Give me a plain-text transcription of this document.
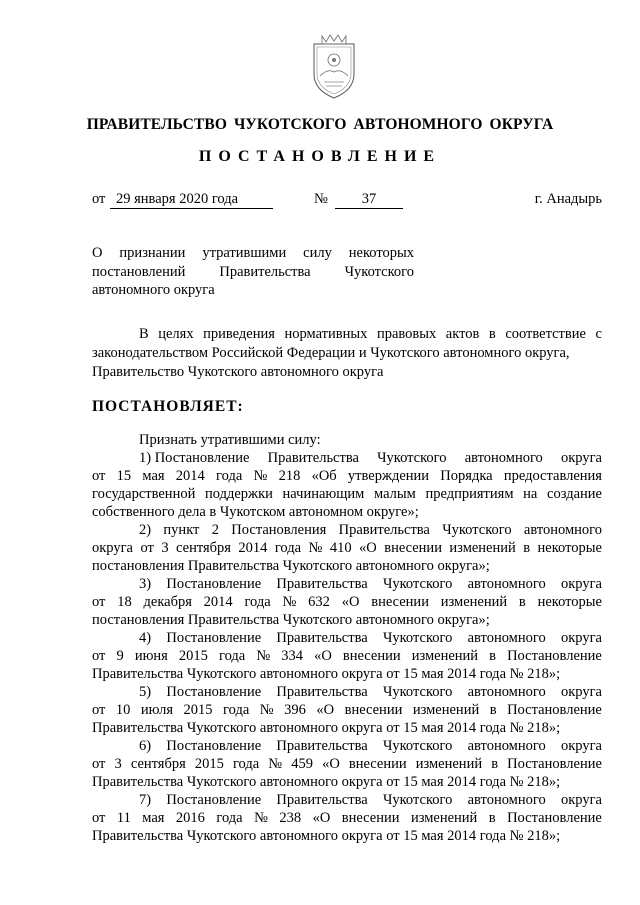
ПРАВИТЕЛЬСТВО ЧУКОТСКОГО АВТОНОМНОГО ОКРУГА
ПОСТАНОВЛЕНИЕ
от 29 января 2020 года	№	37	г. Анадырь
О признании утратившими силу некоторых
постановлений Правительства Чукотского
автономного округа
В целях приведения нормативных правовых актов в соответствие с
законодательством Российской Федерации и Чукотского автономного округа,
Правительство Чукотского автономного округа
ПОСТАНОВЛЯЕТ:
Признать утратившими силу:
1) Постановление Правительства Чукотского автономного округа
от 15 мая 2014 года № 218 «Об утверждении Порядка предоставления
государственной поддержки начинающим малым предприятиям на создание
собственного дела в Чукотском автономном округе»;
2) пункт 2 Постановления Правительства Чукотского автономного
округа от 3 сентября 2014 года № 410 «О внесении изменений в некоторые
постановления Правительства Чукотского автономного округа»;
3) Постановление Правительства Чукотского автономного округа
от 18 декабря 2014 года № 632 «О внесении изменений в некоторые
постановления Правительства Чукотского автономного округа»;
4) Постановление Правительства Чукотского автономного округа
от 9 июня 2015 года № 334 «О внесении изменений в Постановление
Правительства Чукотского автономного округа от 15 мая 2014 года № 218»;
5) Постановление Правительства Чукотского автономного округа
от 10 июля 2015 года № 396 «О внесении изменений в Постановление
Правительства Чукотского автономного округа от 15 мая 2014 года № 218»;
6) Постановление Правительства Чукотского автономного округа
от 3 сентября 2015 года № 459 «О внесении изменений в Постановление
Правительства Чукотского автономного округа от 15 мая 2014 года № 218»;
7) Постановление Правительства Чукотского автономного округа
от 11 мая 2016 года № 238 «О внесении изменений в Постановление
Правительства Чукотского автономного округа от 15 мая 2014 года № 218»;
